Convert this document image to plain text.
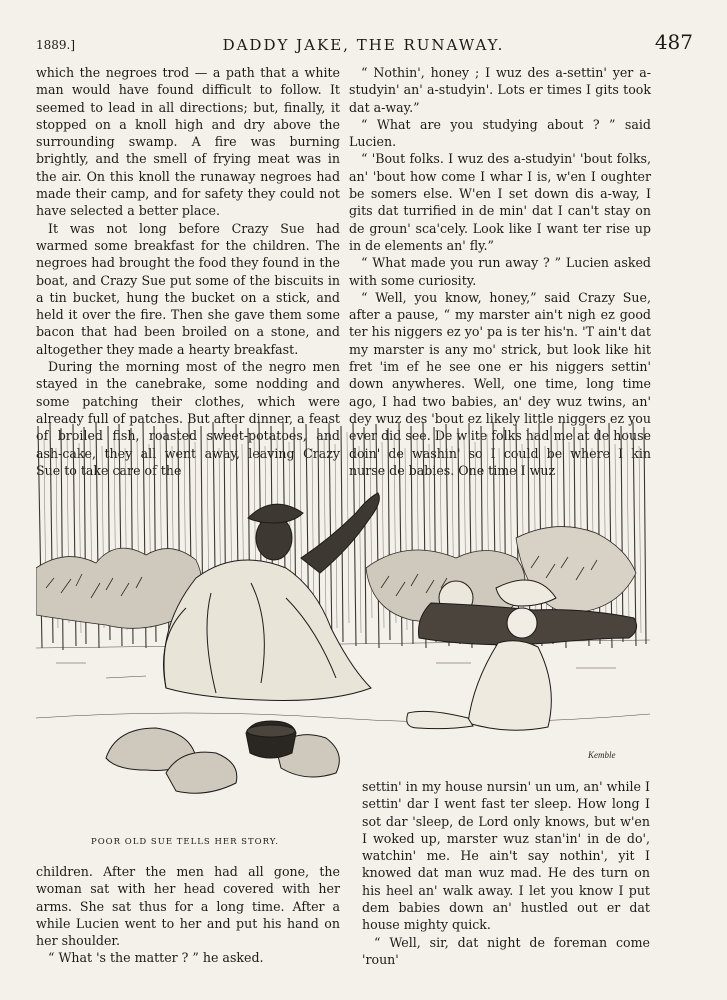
1889.]	DADDY JAKE, THE RUNAWAY.	487

which the negroes trod — a path that a white man would have found difficult to follow. It seemed to lead in all directions; but, finally, it stopped on a knoll high and dry above the surrounding swamp. A fire was burning brightly, and the smell of frying meat was in the air. On this knoll the runaway negroes had made their camp, and for safety they could not have selected a better place.

It was not long before Crazy Sue had warmed some breakfast for the children. The negroes had brought the food they found in the boat, and Crazy Sue put some of the biscuits in a tin bucket, hung the bucket on a stick, and held it over the fire. Then she gave them some bacon that had been broiled on a stone, and altogether they made a hearty breakfast.

During the morning most of the negro men stayed in the canebrake, some nodding and some patching their clothes, which were already full of patches. But after dinner, a feast of broiled fish, roasted sweet-potatoes, and ash-cake, they all went away, leaving Crazy Sue to take care of the

“ Nothin', honey ; I wuz des a-settin' yer a-studyin' an' a-studyin'. Lots er times I gits took dat a-way.”

“ What are you studying about ? ” said Lucien.

“ 'Bout folks. I wuz des a-studyin' 'bout folks, an' 'bout how come I whar I is, w'en I oughter be somers else. W'en I set down dis a-way, I gits dat turrified in de min' dat I can't stay on de groun' sca'cely. Look like I want ter rise up in de elements an' fly.”

“ What made you run away ? ” Lucien asked with some curiosity.

“ Well, you know, honey,” said Crazy Sue, after a pause, “ my marster ain't nigh ez good ter his niggers ez yo' pa is ter his'n. 'T ain't dat my marster is any mo' strick, but look like hit fret 'im ef he see one er his niggers settin' down anywheres. Well, one time, long time ago, I had two babies, an' dey wuz twins, an' dey wuz des 'bout ez likely little niggers ez you ever did see. De w'ite folks had me at de house doin' de washin' so I could be where I kin nurse de babies. One time I wuz

Kemble
POOR OLD SUE TELLS HER STORY.

children. After the men had all gone, the woman sat with her head covered with her arms. She sat thus for a long time. After a while Lucien went to her and put his hand on her shoulder.

“ What 's the matter ? ” he asked.

settin' in my house nursin' un um, an' while I settin' dar I went fast ter sleep. How long I sot dar 'sleep, de Lord only knows, but w'en I woked up, marster wuz stan'in' in de do', watchin' me. He ain't say nothin', yit I knowed dat man wuz mad. He des turn on his heel an' walk away. I let you know I put dem babies down an' hustled out er dat house mighty quick.

“ Well, sir, dat night de foreman come 'roun'
